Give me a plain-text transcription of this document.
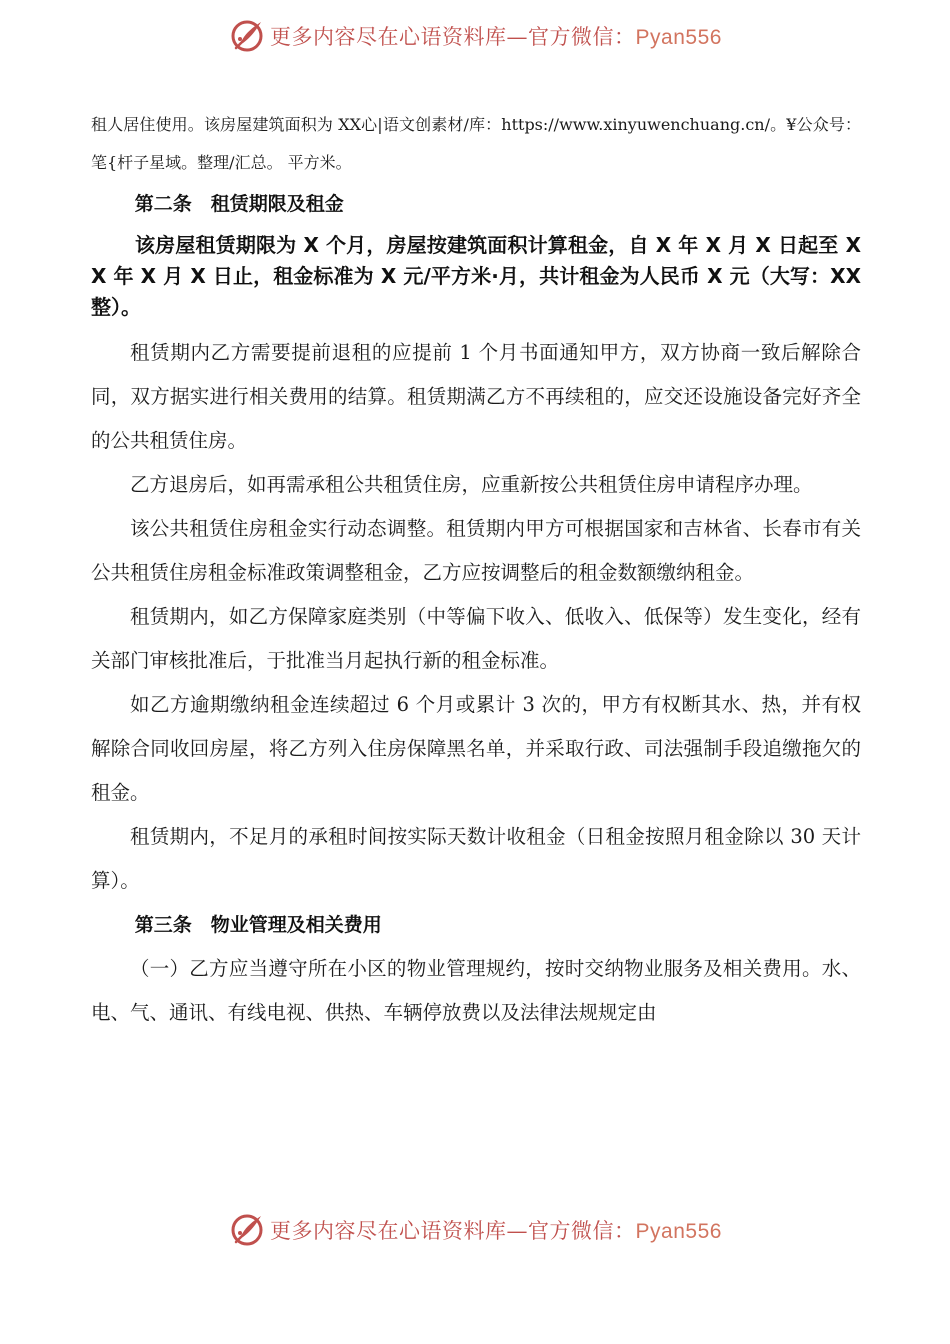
更多内容尽在心语资料库—官方微信：Pyan556

租人居住使用。该房屋建筑面积为 XX心|语文创素材/库：https://www.xinyuwenchuang.cn/。¥公众号：笔{杆子星域。整理/汇总。 平方米。

第二条　租赁期限及租金

该房屋租赁期限为 X 个月，房屋按建筑面积计算租金，自 X 年 X 月 X 日起至 XX 年 X 月 X 日止，租金标准为 X 元/平方米·月，共计租金为人民币 X 元（大写：XX 整）。

租赁期内乙方需要提前退租的应提前 1 个月书面通知甲方，双方协商一致后解除合同，双方据实进行相关费用的结算。租赁期满乙方不再续租的，应交还设施设备完好齐全的公共租赁住房。

乙方退房后，如再需承租公共租赁住房，应重新按公共租赁住房申请程序办理。

该公共租赁住房租金实行动态调整。租赁期内甲方可根据国家和吉林省、长春市有关公共租赁住房租金标准政策调整租金，乙方应按调整后的租金数额缴纳租金。

租赁期内，如乙方保障家庭类别（中等偏下收入、低收入、低保等）发生变化，经有关部门审核批准后，于批准当月起执行新的租金标准。

如乙方逾期缴纳租金连续超过 6 个月或累计 3 次的，甲方有权断其水、热，并有权解除合同收回房屋，将乙方列入住房保障黑名单，并采取行政、司法强制手段追缴拖欠的租金。

租赁期内，不足月的承租时间按实际天数计收租金（日租金按照月租金除以 30 天计算）。

第三条　物业管理及相关费用

（一）乙方应当遵守所在小区的物业管理规约，按时交纳物业服务及相关费用。水、电、气、通讯、有线电视、供热、车辆停放费以及法律法规规定由

更多内容尽在心语资料库—官方微信：Pyan556
